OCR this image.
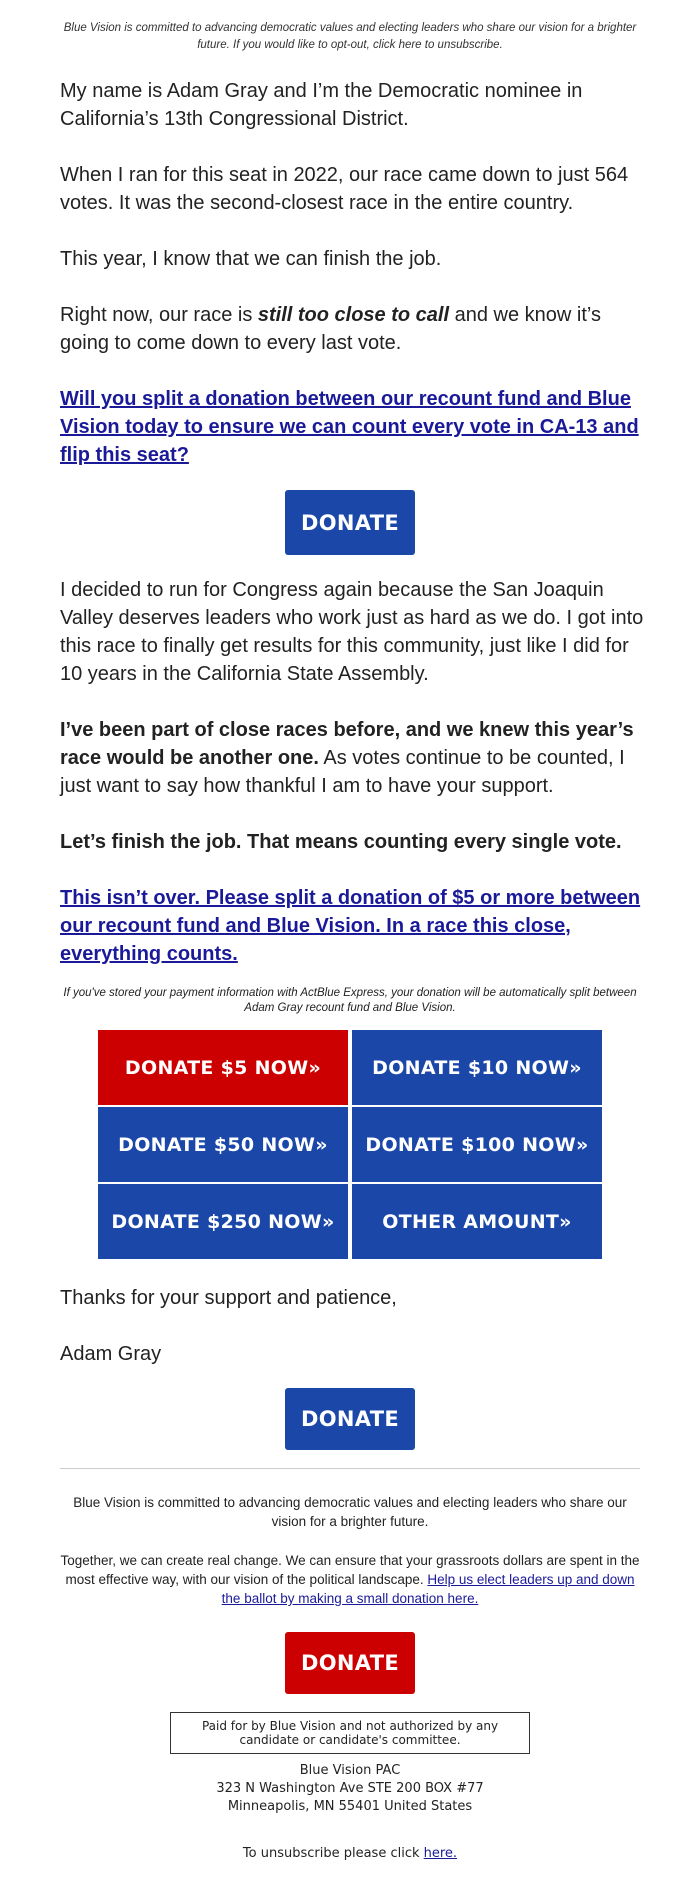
Blue Vision is committed to advancing democratic values and electing leaders who share our vision for a brighter future. If you would like to opt-out, click here to unsubscribe.
My name is Adam Gray and I’m the Democratic nominee in California’s 13th Congressional District.
When I ran for this seat in 2022, our race came down to just 564 votes. It was the second-closest race in the entire country.
This year, I know that we can finish the job.
Right now, our race is still too close to call and we know it’s going to come down to every last vote.
Will you split a donation between our recount fund and Blue Vision today to ensure we can count every vote in CA-13 and flip this seat?
DONATE
I decided to run for Congress again because the San Joaquin Valley deserves leaders who work just as hard as we do. I got into this race to finally get results for this community, just like I did for 10 years in the California State Assembly.
I’ve been part of close races before, and we knew this year’s race would be another one. As votes continue to be counted, I just want to say how thankful I am to have your support.
Let’s finish the job. That means counting every single vote.
This isn’t over. Please split a donation of $5 or more between our recount fund and Blue Vision. In a race this close, everything counts.
If you've stored your payment information with ActBlue Express, your donation will be automatically split between Adam Gray recount fund and Blue Vision.
DONATE $5 NOW»	DONATE $10 NOW»
DONATE $50 NOW»	DONATE $100 NOW»
DONATE $250 NOW»	OTHER AMOUNT»
Thanks for your support and patience,
Adam Gray
DONATE
Blue Vision is committed to advancing democratic values and electing leaders who share our vision for a brighter future.
Together, we can create real change. We can ensure that your grassroots dollars are spent in the most effective way, with our vision of the political landscape. Help us elect leaders up and down the ballot by making a small donation here.
DONATE
Paid for by Blue Vision and not authorized by any candidate or candidate's committee.
Blue Vision PAC
323 N Washington Ave STE 200 BOX #77
Minneapolis, MN 55401 United States
To unsubscribe please click here.
